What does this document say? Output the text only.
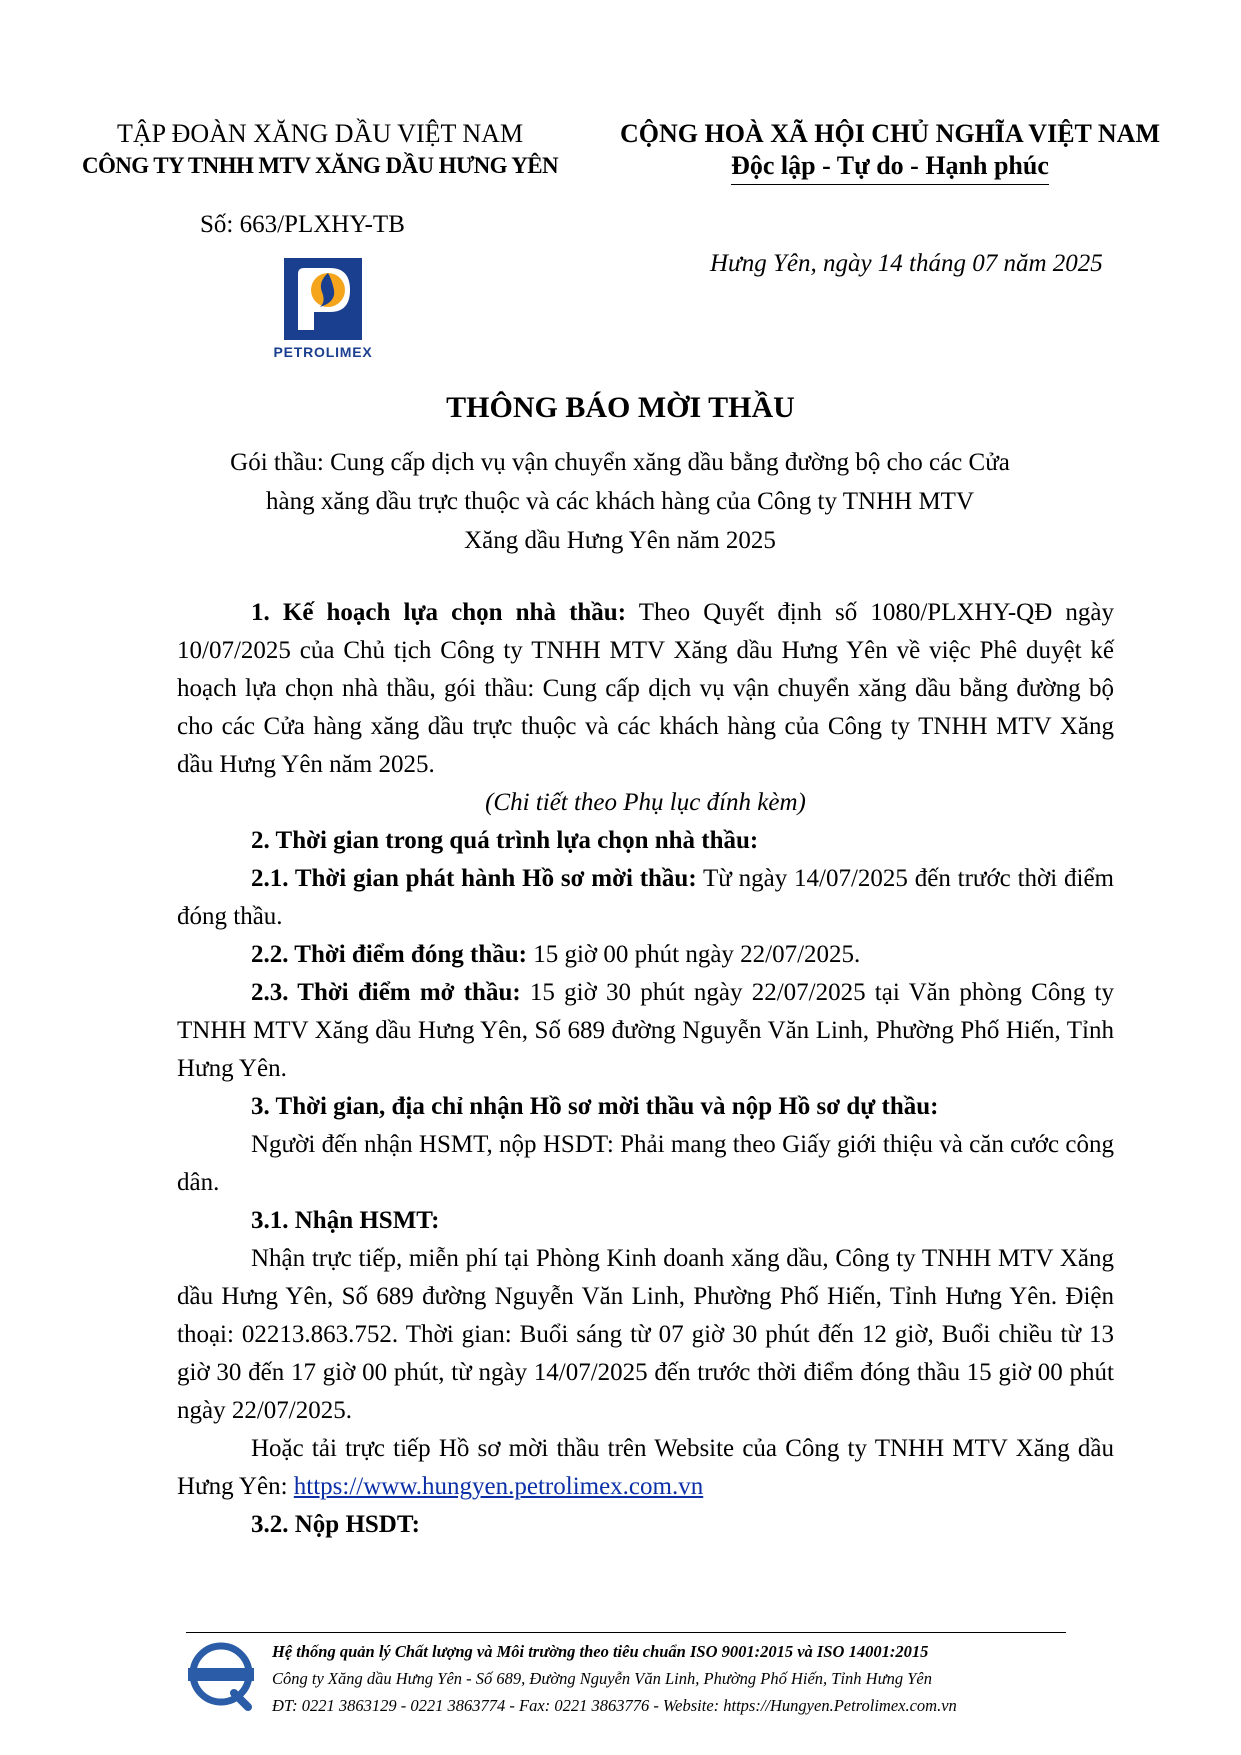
TẬP ĐOÀN XĂNG DẦU VIỆT NAM
CÔNG TY TNHH MTV XĂNG DẦU HƯNG YÊN
CỘNG HOÀ XÃ HỘI CHỦ NGHĨA VIỆT NAM
Độc lập - Tự do - Hạnh phúc
Số: 663/PLXHY-TB
Hưng Yên, ngày 14 tháng 07 năm 2025
PETROLIMEX
THÔNG BÁO MỜI THẦU
Gói thầu: Cung cấp dịch vụ vận chuyển xăng dầu bằng đường bộ cho các Cửa
hàng xăng dầu trực thuộc và các khách hàng của Công ty TNHH MTV
Xăng dầu Hưng Yên năm 2025

1. Kế hoạch lựa chọn nhà thầu: Theo Quyết định số 1080/PLXHY-QĐ ngày 10/07/2025 của Chủ tịch Công ty TNHH MTV Xăng dầu Hưng Yên về việc Phê duyệt kế hoạch lựa chọn nhà thầu, gói thầu: Cung cấp dịch vụ vận chuyển xăng dầu bằng đường bộ cho các Cửa hàng xăng dầu trực thuộc và các khách hàng của Công ty TNHH MTV Xăng dầu Hưng Yên năm 2025.

(Chi tiết theo Phụ lục đính kèm)

2. Thời gian trong quá trình lựa chọn nhà thầu:

2.1. Thời gian phát hành Hồ sơ mời thầu: Từ ngày 14/07/2025 đến trước thời điểm đóng thầu.

2.2. Thời điểm đóng thầu: 15 giờ 00 phút ngày 22/07/2025.

2.3. Thời điểm mở thầu: 15 giờ 30 phút ngày 22/07/2025 tại Văn phòng Công ty TNHH MTV Xăng dầu Hưng Yên, Số 689 đường Nguyễn Văn Linh, Phường Phố Hiến, Tỉnh Hưng Yên.

3. Thời gian, địa chỉ nhận Hồ sơ mời thầu và nộp Hồ sơ dự thầu:

Người đến nhận HSMT, nộp HSDT: Phải mang theo Giấy giới thiệu và căn cước công dân.

3.1. Nhận HSMT:

Nhận trực tiếp, miễn phí tại Phòng Kinh doanh xăng dầu, Công ty TNHH MTV Xăng dầu Hưng Yên, Số 689 đường Nguyễn Văn Linh, Phường Phố Hiến, Tỉnh Hưng Yên. Điện thoại: 02213.863.752. Thời gian: Buổi sáng từ 07 giờ 30 phút đến 12 giờ, Buổi chiều từ 13 giờ 30 đến 17 giờ 00 phút, từ ngày 14/07/2025 đến trước thời điểm đóng thầu 15 giờ 00 phút ngày 22/07/2025.

Hoặc tải trực tiếp Hồ sơ mời thầu trên Website của Công ty TNHH MTV Xăng dầu Hưng Yên: https://www.hungyen.petrolimex.com.vn

3.2. Nộp HSDT:

Hệ thống quản lý Chất lượng và Môi trường theo tiêu chuẩn ISO 9001:2015 và ISO 14001:2015
Công ty Xăng dầu Hưng Yên - Số 689, Đường Nguyễn Văn Linh, Phường Phố Hiến, Tỉnh Hưng Yên
ĐT: 0221 3863129 - 0221 3863774 - Fax: 0221 3863776 - Website: https://Hungyen.Petrolimex.com.vn
